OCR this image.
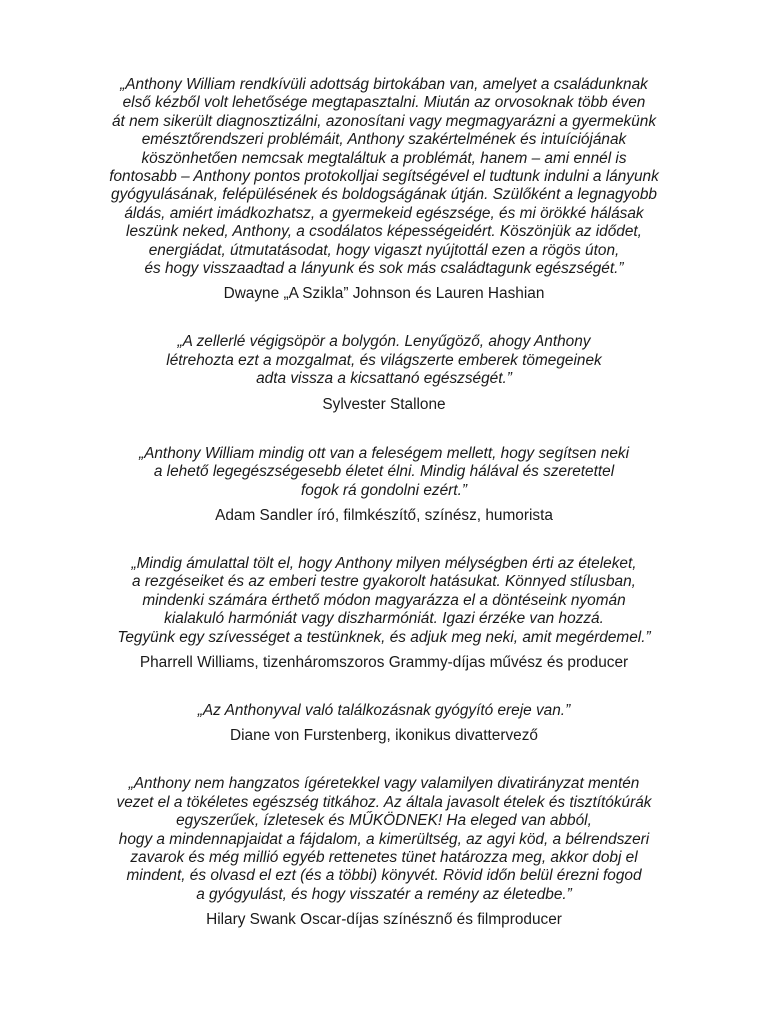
„Anthony William rendkívüli adottság birtokában van, amelyet a családunknak
első kézből volt lehetősége megtapasztalni. Miután az orvosoknak több éven
át nem sikerült diagnosztizálni, azonosítani vagy megmagyarázni a gyermekünk
emésztőrendszeri problémáit, Anthony szakértelmének és intuíciójának
köszönhetően nemcsak megtaláltuk a problémát, hanem – ami ennél is
fontosabb – Anthony pontos protokolljai segítségével el tudtunk indulni a lányunk
gyógyulásának, felépülésének és boldogságának útján. Szülőként a legnagyobb
áldás, amiért imádkozhatsz, a gyermekeid egészsége, és mi örökké hálásak
leszünk neked, Anthony, a csodálatos képességeidért. Köszönjük az idődet,
energiádat, útmutatásodat, hogy vigaszt nyújtottál ezen a rögös úton,
és hogy visszaadtad a lányunk és sok más családtagunk egészségét.”

Dwayne „A Szikla” Johnson és Lauren Hashian

„A zellerlé végigsöpör a bolygón. Lenyűgöző, ahogy Anthony
létrehozta ezt a mozgalmat, és világszerte emberek tömegeinek
adta vissza a kicsattanó egészségét.”

Sylvester Stallone

„Anthony William mindig ott van a feleségem mellett, hogy segítsen neki
a lehető legegészségesebb életet élni. Mindig hálával és szeretettel
fogok rá gondolni ezért.”

Adam Sandler író, filmkészítő, színész, humorista

„Mindig ámulattal tölt el, hogy Anthony milyen mélységben érti az ételeket,
a rezgéseiket és az emberi testre gyakorolt hatásukat. Könnyed stílusban,
mindenki számára érthető módon magyarázza el a döntéseink nyomán
kialakuló harmóniát vagy diszharmóniát. Igazi érzéke van hozzá.
Tegyünk egy szívességet a testünknek, és adjuk meg neki, amit megérdemel.”

Pharrell Williams, tizenháromszoros Grammy-díjas művész és producer

„Az Anthonyval való találkozásnak gyógyító ereje van.”

Diane von Furstenberg, ikonikus divattervező

„Anthony nem hangzatos ígéretekkel vagy valamilyen divatirányzat mentén
vezet el a tökéletes egészség titkához. Az általa javasolt ételek és tisztítókúrák
egyszerűek, ízletesek és MŰKÖDNEK! Ha eleged van abból,
hogy a mindennapjaidat a fájdalom, a kimerültség, az agyi köd, a bélrendszeri
zavarok és még millió egyéb rettenetes tünet határozza meg, akkor dobj el
mindent, és olvasd el ezt (és a többi) könyvét. Rövid időn belül érezni fogod
a gyógyulást, és hogy visszatér a remény az életedbe.”

Hilary Swank Oscar-díjas színésznő és filmproducer
